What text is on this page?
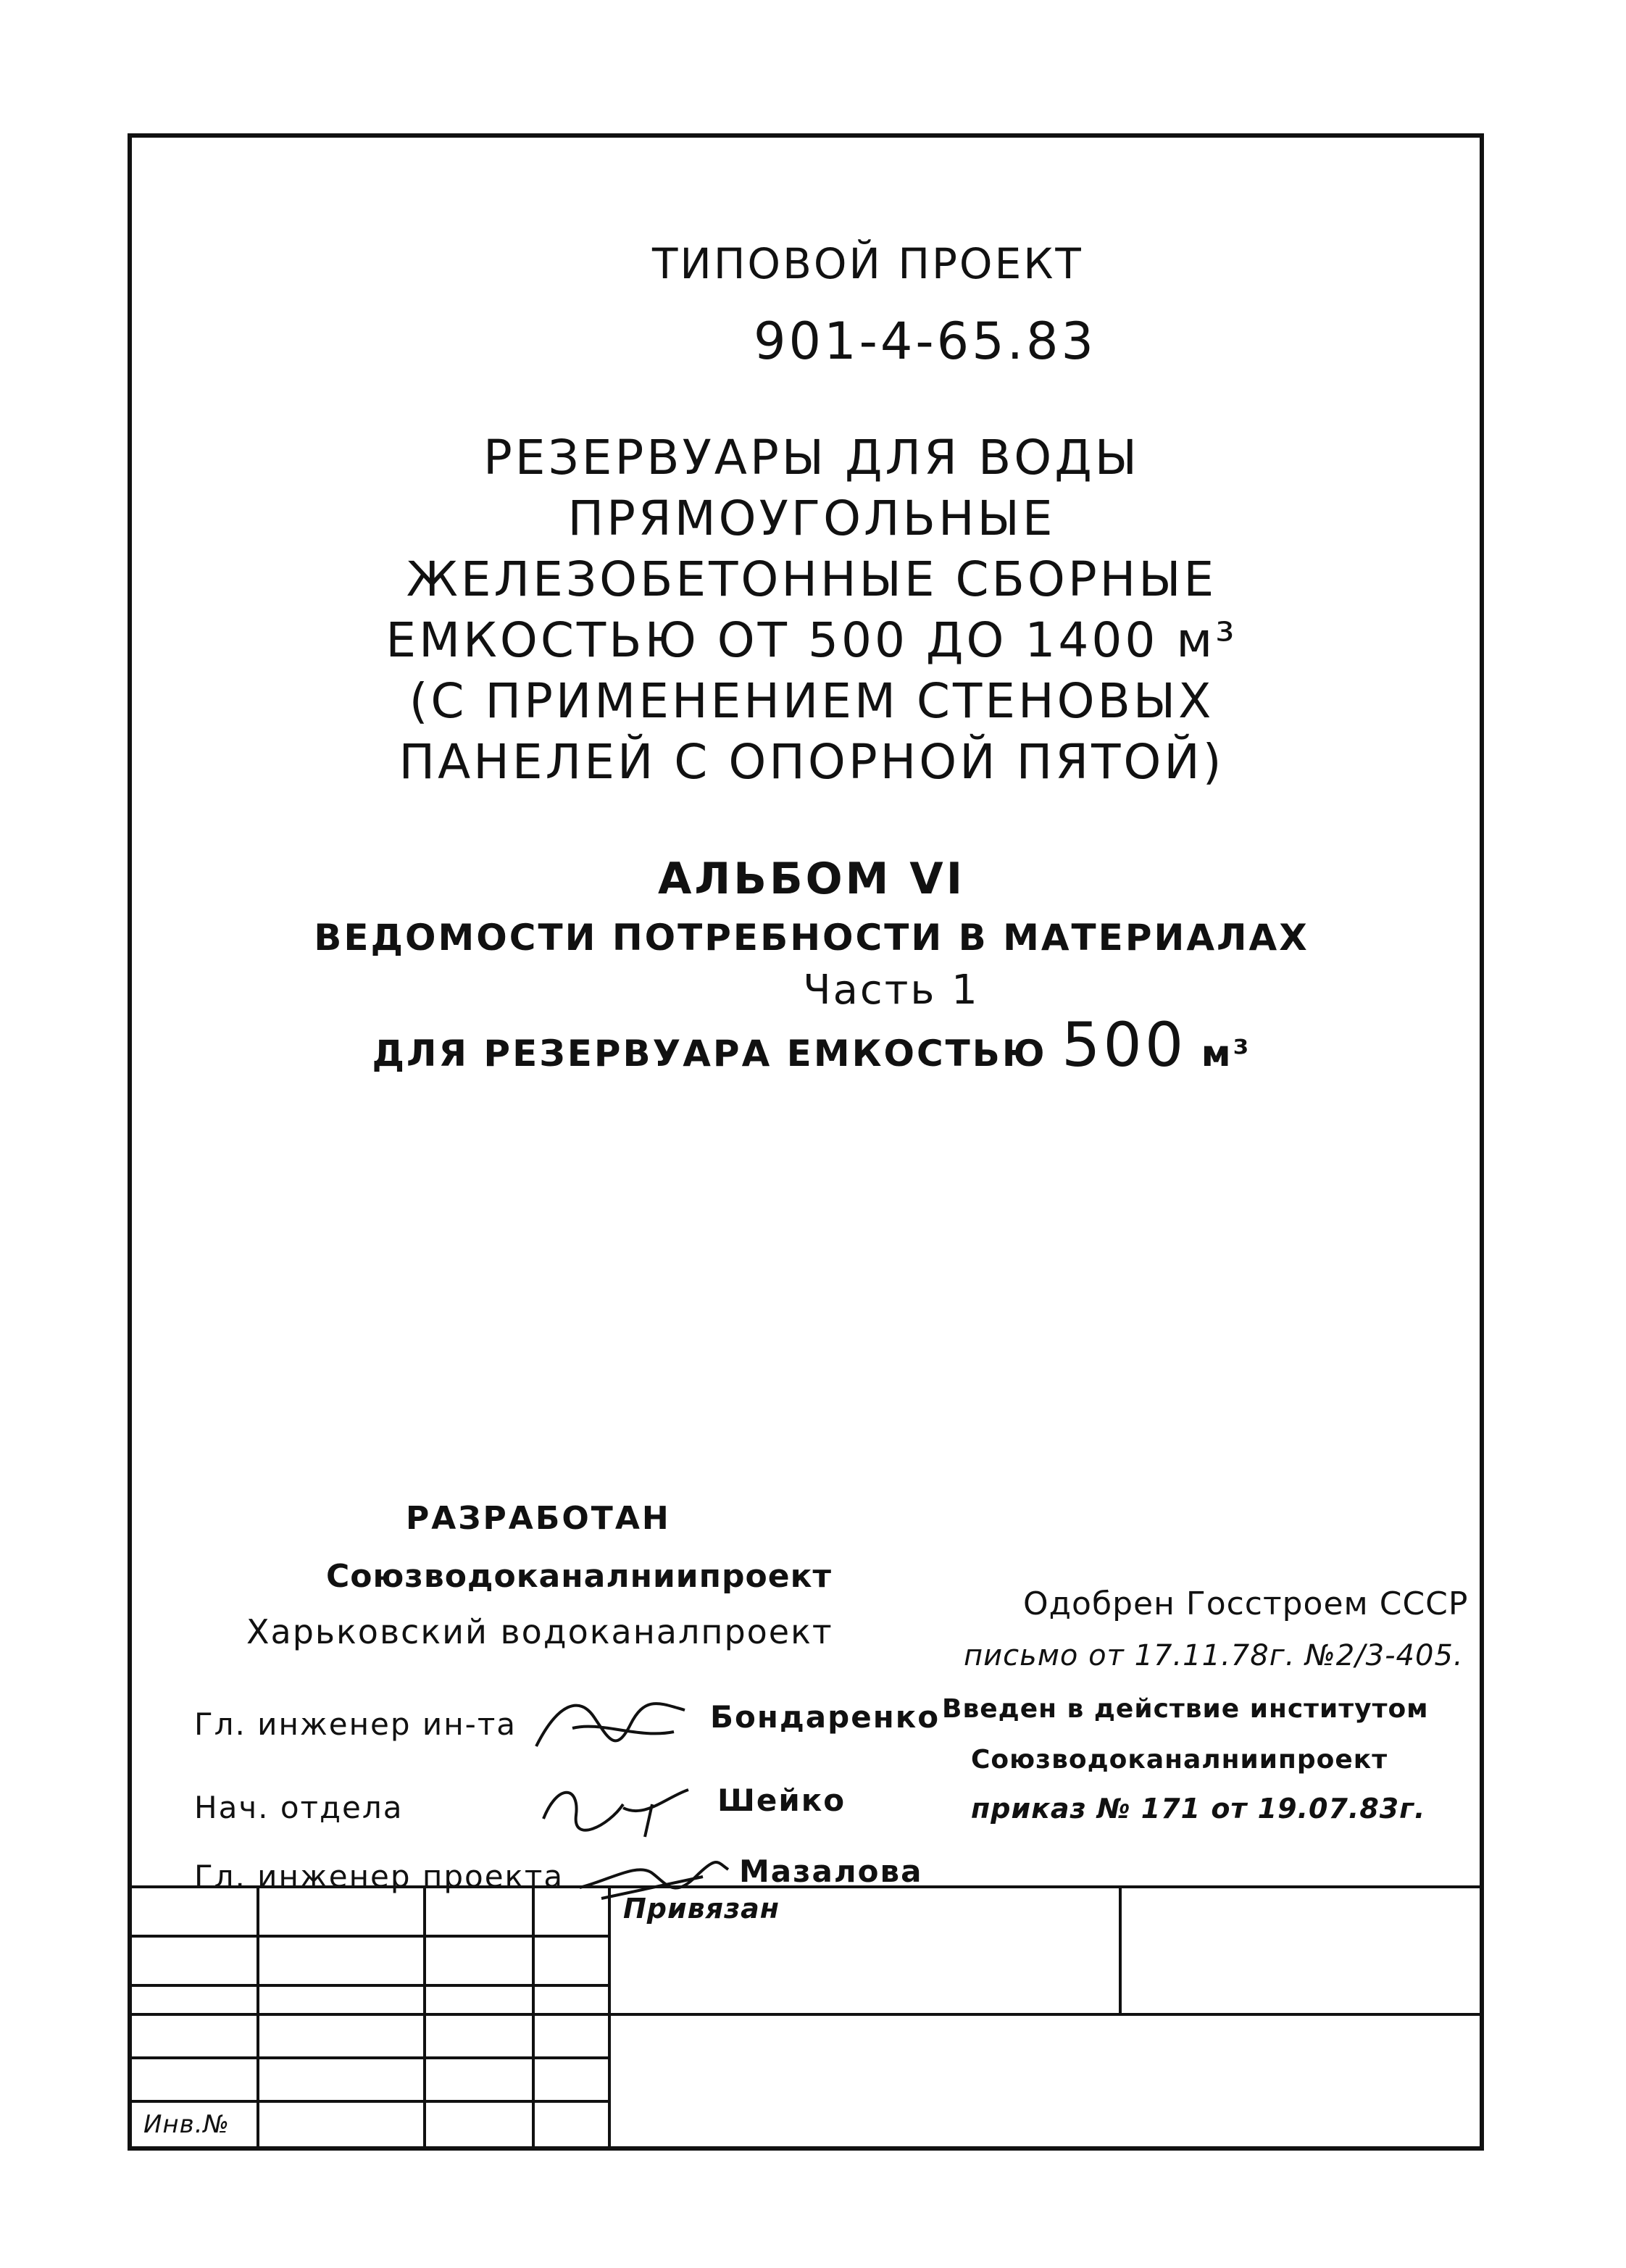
ТИПОВОЙ ПРОЕКТ
901-4-65.83
РЕЗЕРВУАРЫ ДЛЯ ВОДЫ
ПРЯМОУГОЛЬНЫЕ
ЖЕЛЕЗОБЕТОННЫЕ СБОРНЫЕ
ЕМКОСТЬЮ ОТ 500 ДО 1400 м³
(С ПРИМЕНЕНИЕМ СТЕНОВЫХ
ПАНЕЛЕЙ С ОПОРНОЙ ПЯТОЙ)
АЛЬБОМ VI
ВЕДОМОСТИ ПОТРЕБНОСТИ В МАТЕРИАЛАХ
Часть 1
ДЛЯ РЕЗЕРВУАРА ЕМКОСТЬЮ 500 м³
РАЗРАБОТАН
Союзводоканалниипроект
Харьковский водоканалпроект
Одобрен Госстроем СССР
письмо от 17.11.78г. №2/3-405.
Введен в действие институтом
Союзводоканалниипроект
приказ № 171 от 19.07.83г.
Гл. инженер ин-та	Бондаренко
Нач. отдела	Шейко
Гл. инженер проекта	Мазалова
Привязан
Инв.№
